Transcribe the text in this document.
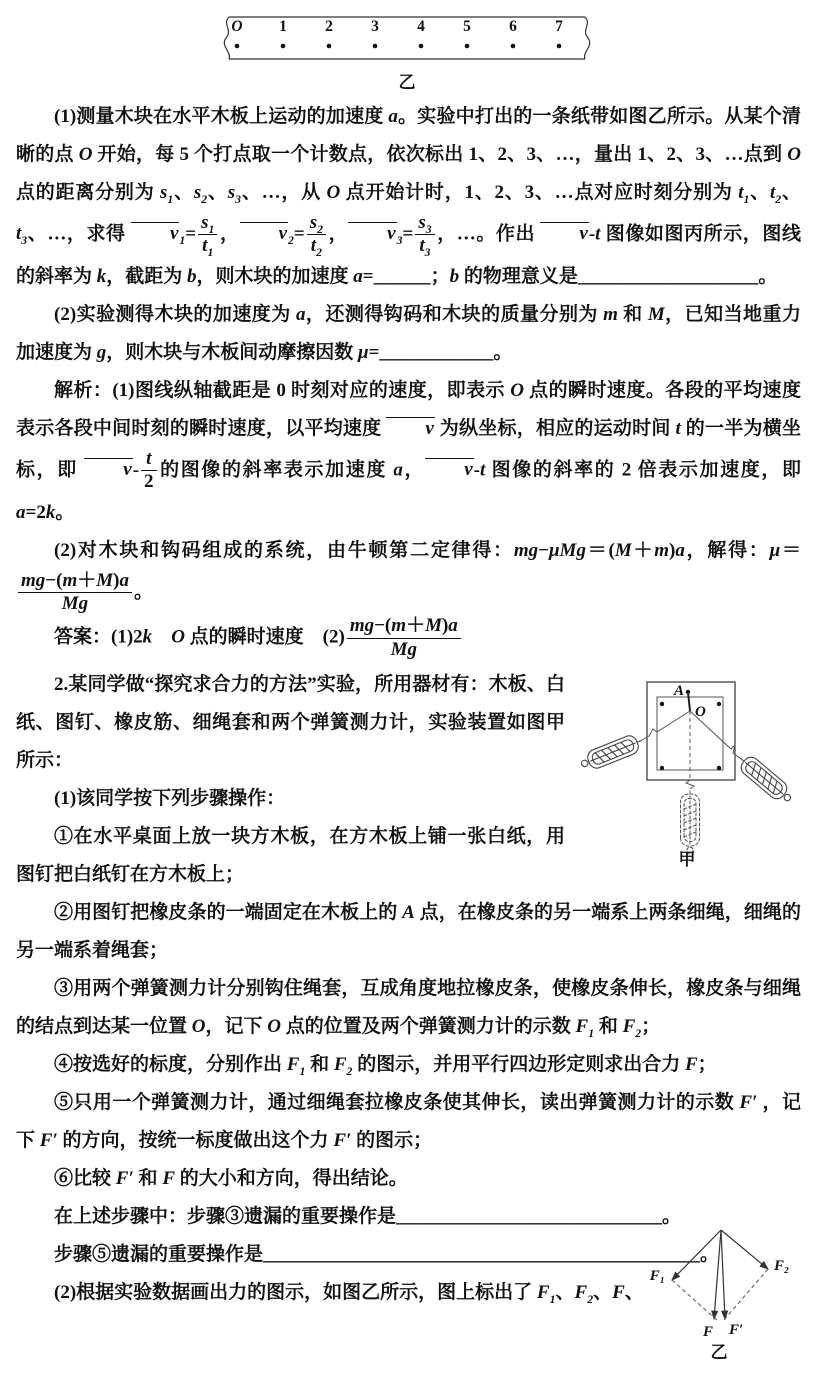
O 1 2 3 4 5 6 7
乙

(1)测量木块在水平木板上运动的加速度 a。实验中打出的一条纸带如图乙所示。从某个清晰的点 O 开始，每 5 个打点取一个计数点，依次标出 1、2、3、…，量出 1、2、3、…点到 O 点的距离分别为 $s_1$、$s_2$、$s_3$、…，从 O 点开始计时，1、2、3、…点对应时刻分别为 $t_1$、$t_2$、$t_3$、…，求得 $v_1= \frac{s_1}{t_1}$ ， $v_2= \frac{s_2}{t_2}$ ， $v_3= \frac{s_3}{t_3}$ ，…。作出 v-t 图像如图丙所示，图线的斜率为 k，截距为 b，则木块的加速度 a=______；b 的物理意义是___________________。

(2)实验测得木块的加速度为 a，还测得钩码和木块的质量分别为 m 和 M，已知当地重力加速度为 g，则木块与木板间动摩擦因数 μ=____________。

解析：(1)图线纵轴截距是 0 时刻对应的速度，即表示 O 点的瞬时速度。各段的平均速度表示各段中间时刻的瞬时速度，以平均速度 v 为纵坐标，相应的运动时间 t 的一半为横坐标，即 $v- \frac{t}{2}$ 的图像的斜率表示加速度 a， v-t 图像的斜率的 2 倍表示加速度，即 a=2k。

(2)对木块和钩码组成的系统，由牛顿第二定律得：mg−μMg＝(M＋m)a，解得：μ＝
$\frac{mg-(m+M)a}{Mg}$ 。

答案：(1)2k　 O 点的瞬时速度　$(2) \frac{mg-(m+M)a}{Mg}$

A
O
甲

2.某同学做“探究求合力的方法”实验，所用器材有：木板、白纸、图钉、橡皮筋、细绳套和两个弹簧测力计，实验装置如图甲所示：

(1)该同学按下列步骤操作：

①在水平桌面上放一块方木板，在方木板上铺一张白纸，用图钉把白纸钉在方木板上；

②用图钉把橡皮条的一端固定在木板上的 A 点，在橡皮条的另一端系上两条细绳，细绳的另一端系着绳套；

③用两个弹簧测力计分别钩住绳套，互成角度地拉橡皮条，使橡皮条伸长，橡皮条与细绳的结点到达某一位置 O，记下 O 点的位置及两个弹簧测力计的示数 $F_1$ 和 $F_2$；

④按选好的标度，分别作出 $F_1$ 和 $F_2$ 的图示，并用平行四边形定则求出合力 F；

⑤只用一个弹簧测力计，通过细绳套拉橡皮条使其伸长，读出弹簧测力计的示数 F′ ，记下 F′ 的方向，按统一标度做出这个力 F′ 的图示；

⑥比较 F′ 和 F 的大小和方向，得出结论。

在上述步骤中：步骤③遗漏的重要操作是____________________________。

步骤⑤遗漏的重要操作是______________________________________________。

(2)根据实验数据画出力的图示，如图乙所示，图上标出了 $F_1$、$F_2$、F、

F₁
F₂
F F′
乙
